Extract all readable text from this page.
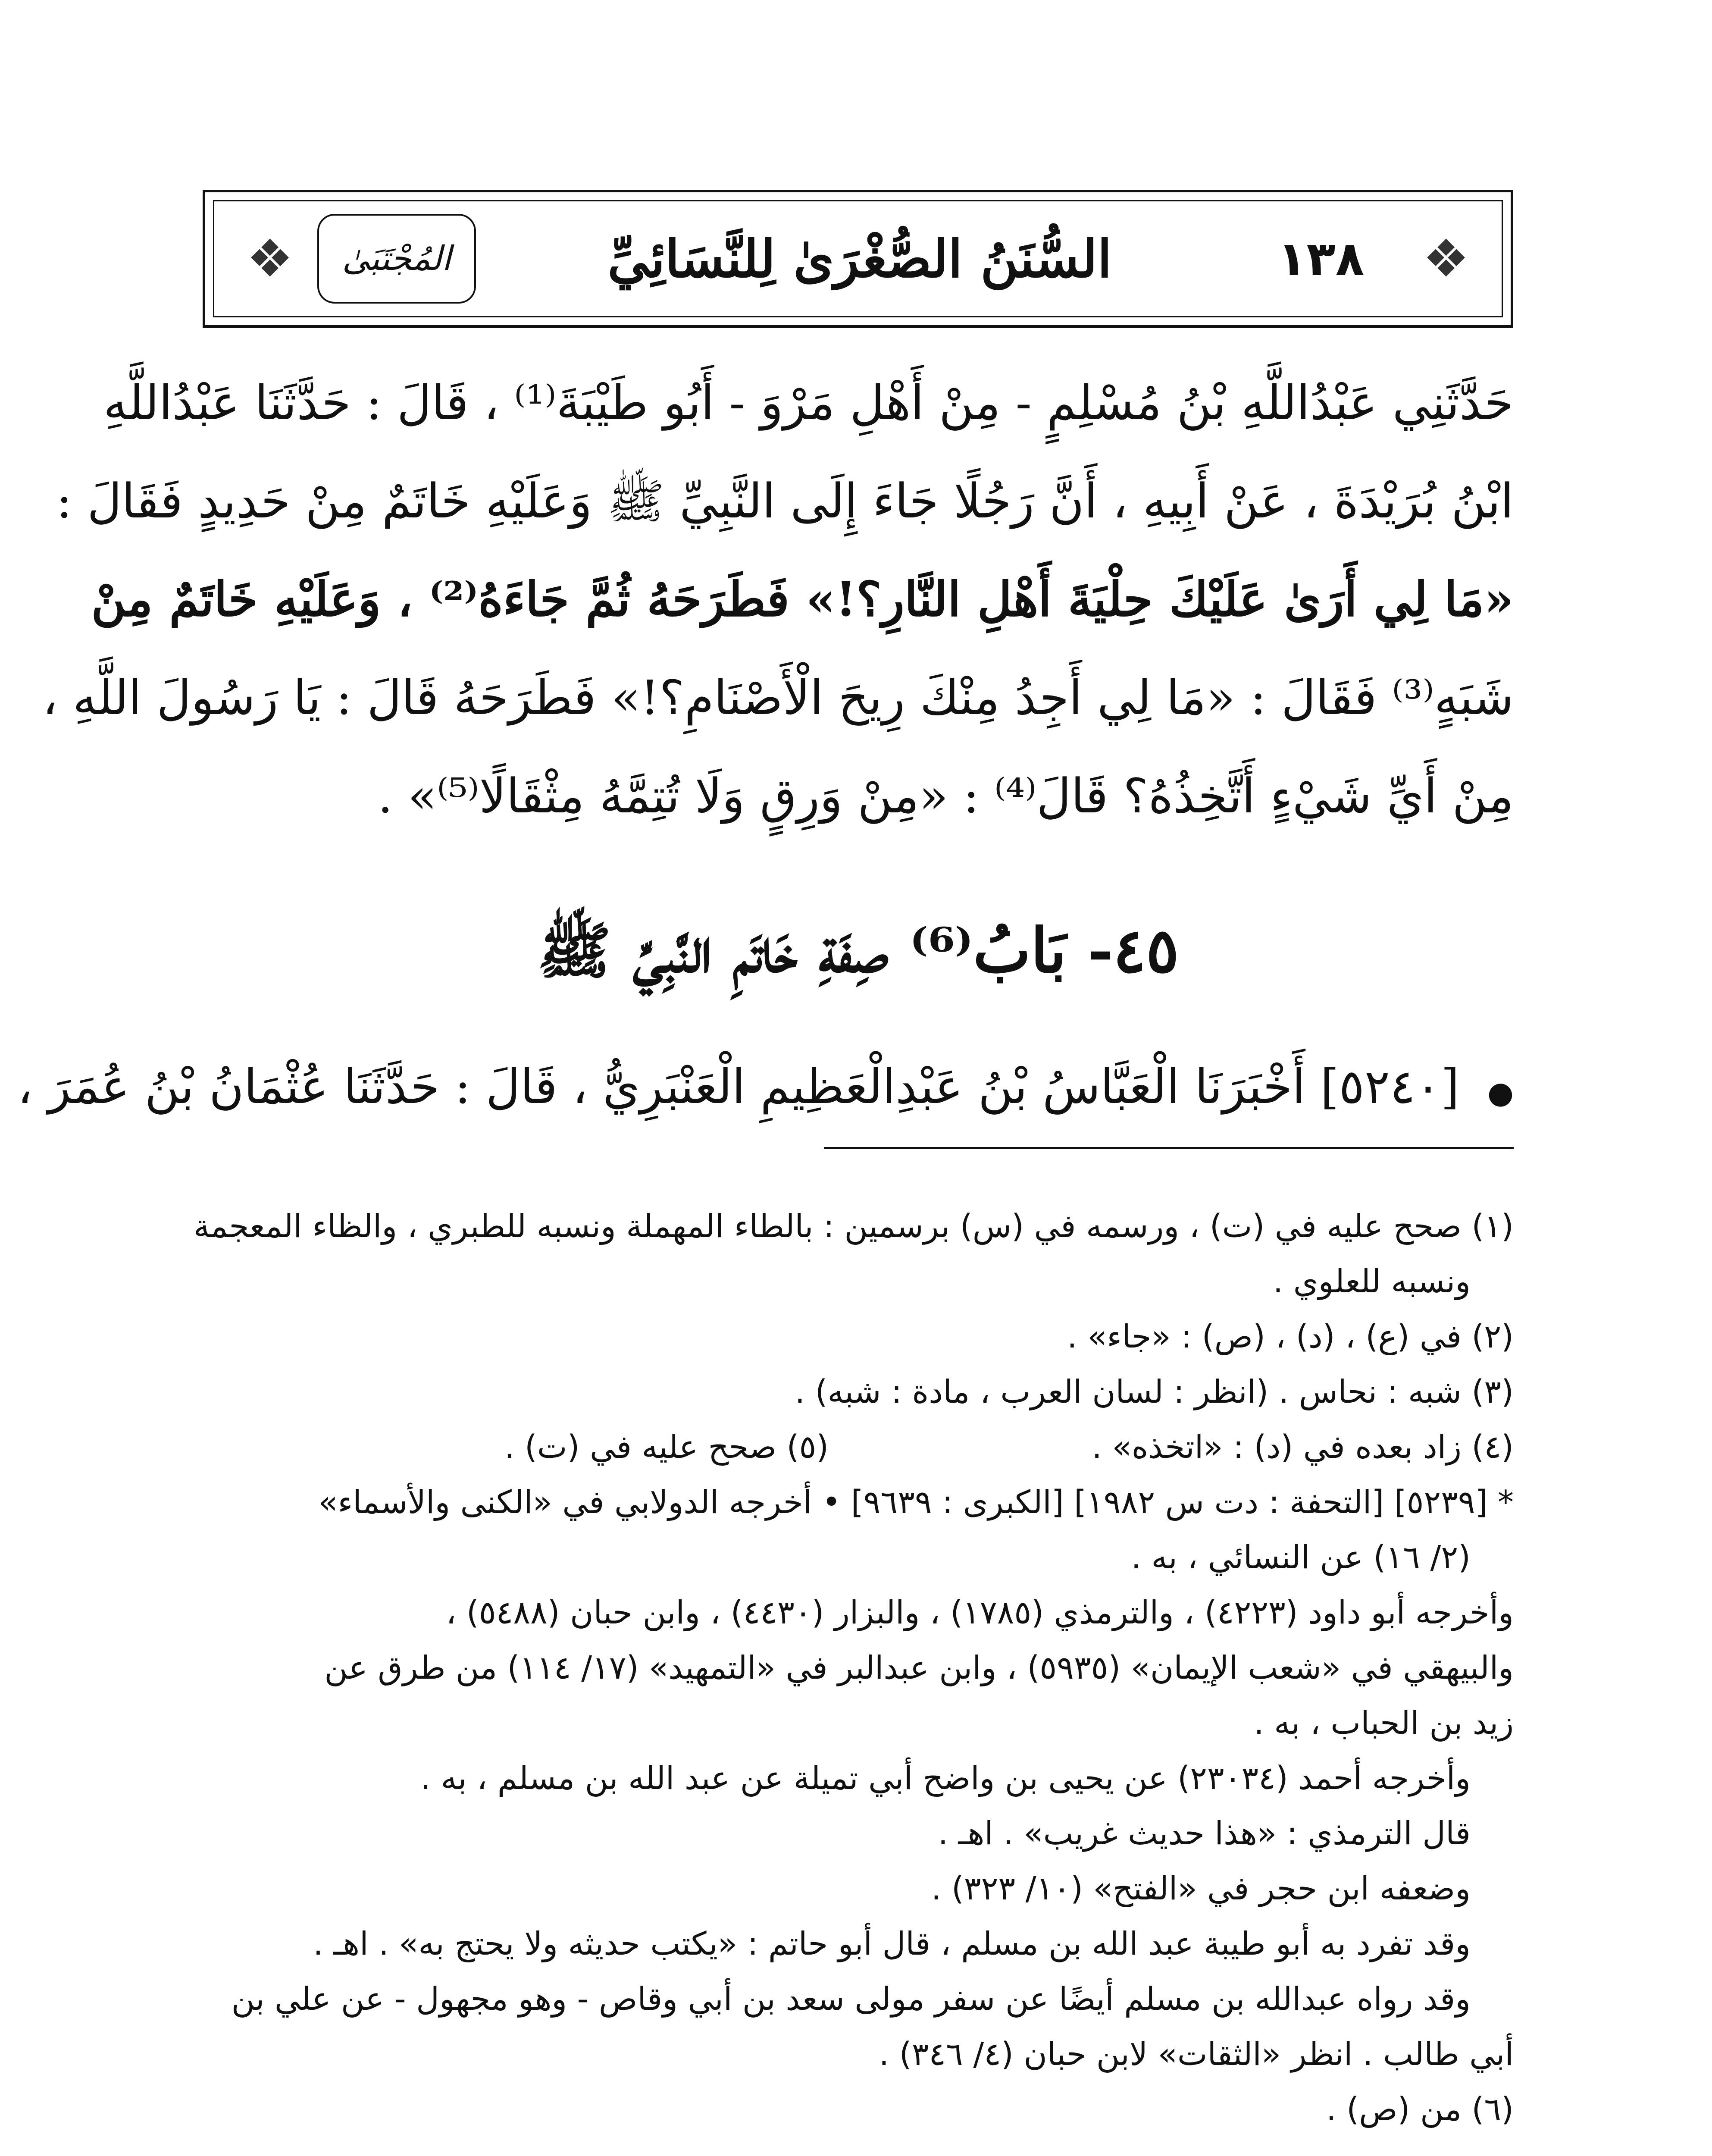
❖
١٣٨
السُّنَنُ الصُّغْرَىٰ لِلنَّسَائِيِّ
المُجْتَبَىٰ
❖
حَدَّثَنِي عَبْدُاللَّهِ بْنُ مُسْلِمٍ - مِنْ أَهْلِ مَرْوَ - أَبُو طَيْبَةَ⁽¹⁾ ، قَالَ : حَدَّثَنَا عَبْدُاللَّهِ
ابْنُ بُرَيْدَةَ ، عَنْ أَبِيهِ ، أَنَّ رَجُلًا جَاءَ إِلَى النَّبِيِّ ﷺ وَعَلَيْهِ خَاتَمٌ مِنْ حَدِيدٍ فَقَالَ :
«مَا لِي أَرَىٰ عَلَيْكَ حِلْيَةَ أَهْلِ النَّارِ؟!» فَطَرَحَهُ ثُمَّ جَاءَهُ⁽²⁾ ، وَعَلَيْهِ خَاتَمٌ مِنْ
شَبَهٍ⁽³⁾ فَقَالَ : «مَا لِي أَجِدُ مِنْكَ رِيحَ الْأَصْنَامِ؟!» فَطَرَحَهُ قَالَ : يَا رَسُولَ اللَّهِ ،
مِنْ أَيِّ شَيْءٍ أَتَّخِذُهُ؟ قَالَ⁽⁴⁾ : «مِنْ وَرِقٍ وَلَا تُتِمَّهُ مِثْقَالًا⁽⁵⁾» .
٤٥- بَابُ⁽⁶⁾ صِفَةِ خَاتَمِ النَّبِيِّ ﷺ
● [٥٢٤٠] أَخْبَرَنَا الْعَبَّاسُ بْنُ عَبْدِالْعَظِيمِ الْعَنْبَرِيُّ ، قَالَ : حَدَّثَنَا عُثْمَانُ بْنُ عُمَرَ ،

(١) صحح عليه في (ت) ، ورسمه في (س) برسمين : بالطاء المهملة ونسبه للطبري ، والظاء المعجمة

ونسبه للعلوي .

(٢) في (ع) ، (د) ، (ص) : «جاء» .

(٣) شبه : نحاس . (انظر : لسان العرب ، مادة : شبه) .

(٤) زاد بعده في (د) : «اتخذه» .
(٥) صحح عليه في (ت) .

* [٥٢٣٩] [التحفة : دت س ١٩٨٢] [الكبرى : ٩٦٣٩] • أخرجه الدولابي في «الكنى والأسماء»

(٢/ ١٦) عن النسائي ، به .

وأخرجه أبو داود (٤٢٢٣) ، والترمذي (١٧٨٥) ، والبزار (٤٤٣٠) ، وابن حبان (٥٤٨٨) ،

والبيهقي في «شعب الإيمان» (٥٩٣٥) ، وابن عبدالبر في «التمهيد» (١٧/ ١١٤) من طرق عن

زيد بن الحباب ، به .

وأخرجه أحمد (٢٣٠٣٤) عن يحيى بن واضح أبي تميلة عن عبد الله بن مسلم ، به .

قال الترمذي : «هذا حديث غريب» . اهـ .

وضعفه ابن حجر في «الفتح» (١٠/ ٣٢٣) .

وقد تفرد به أبو طيبة عبد الله بن مسلم ، قال أبو حاتم : «يكتب حديثه ولا يحتج به» . اهـ .

وقد رواه عبدالله بن مسلم أيضًا عن سفر مولى سعد بن أبي وقاص - وهو مجهول - عن علي بن

أبي طالب . انظر «الثقات» لابن حبان (٤/ ٣٤٦) .

(٦) من (ص) .
